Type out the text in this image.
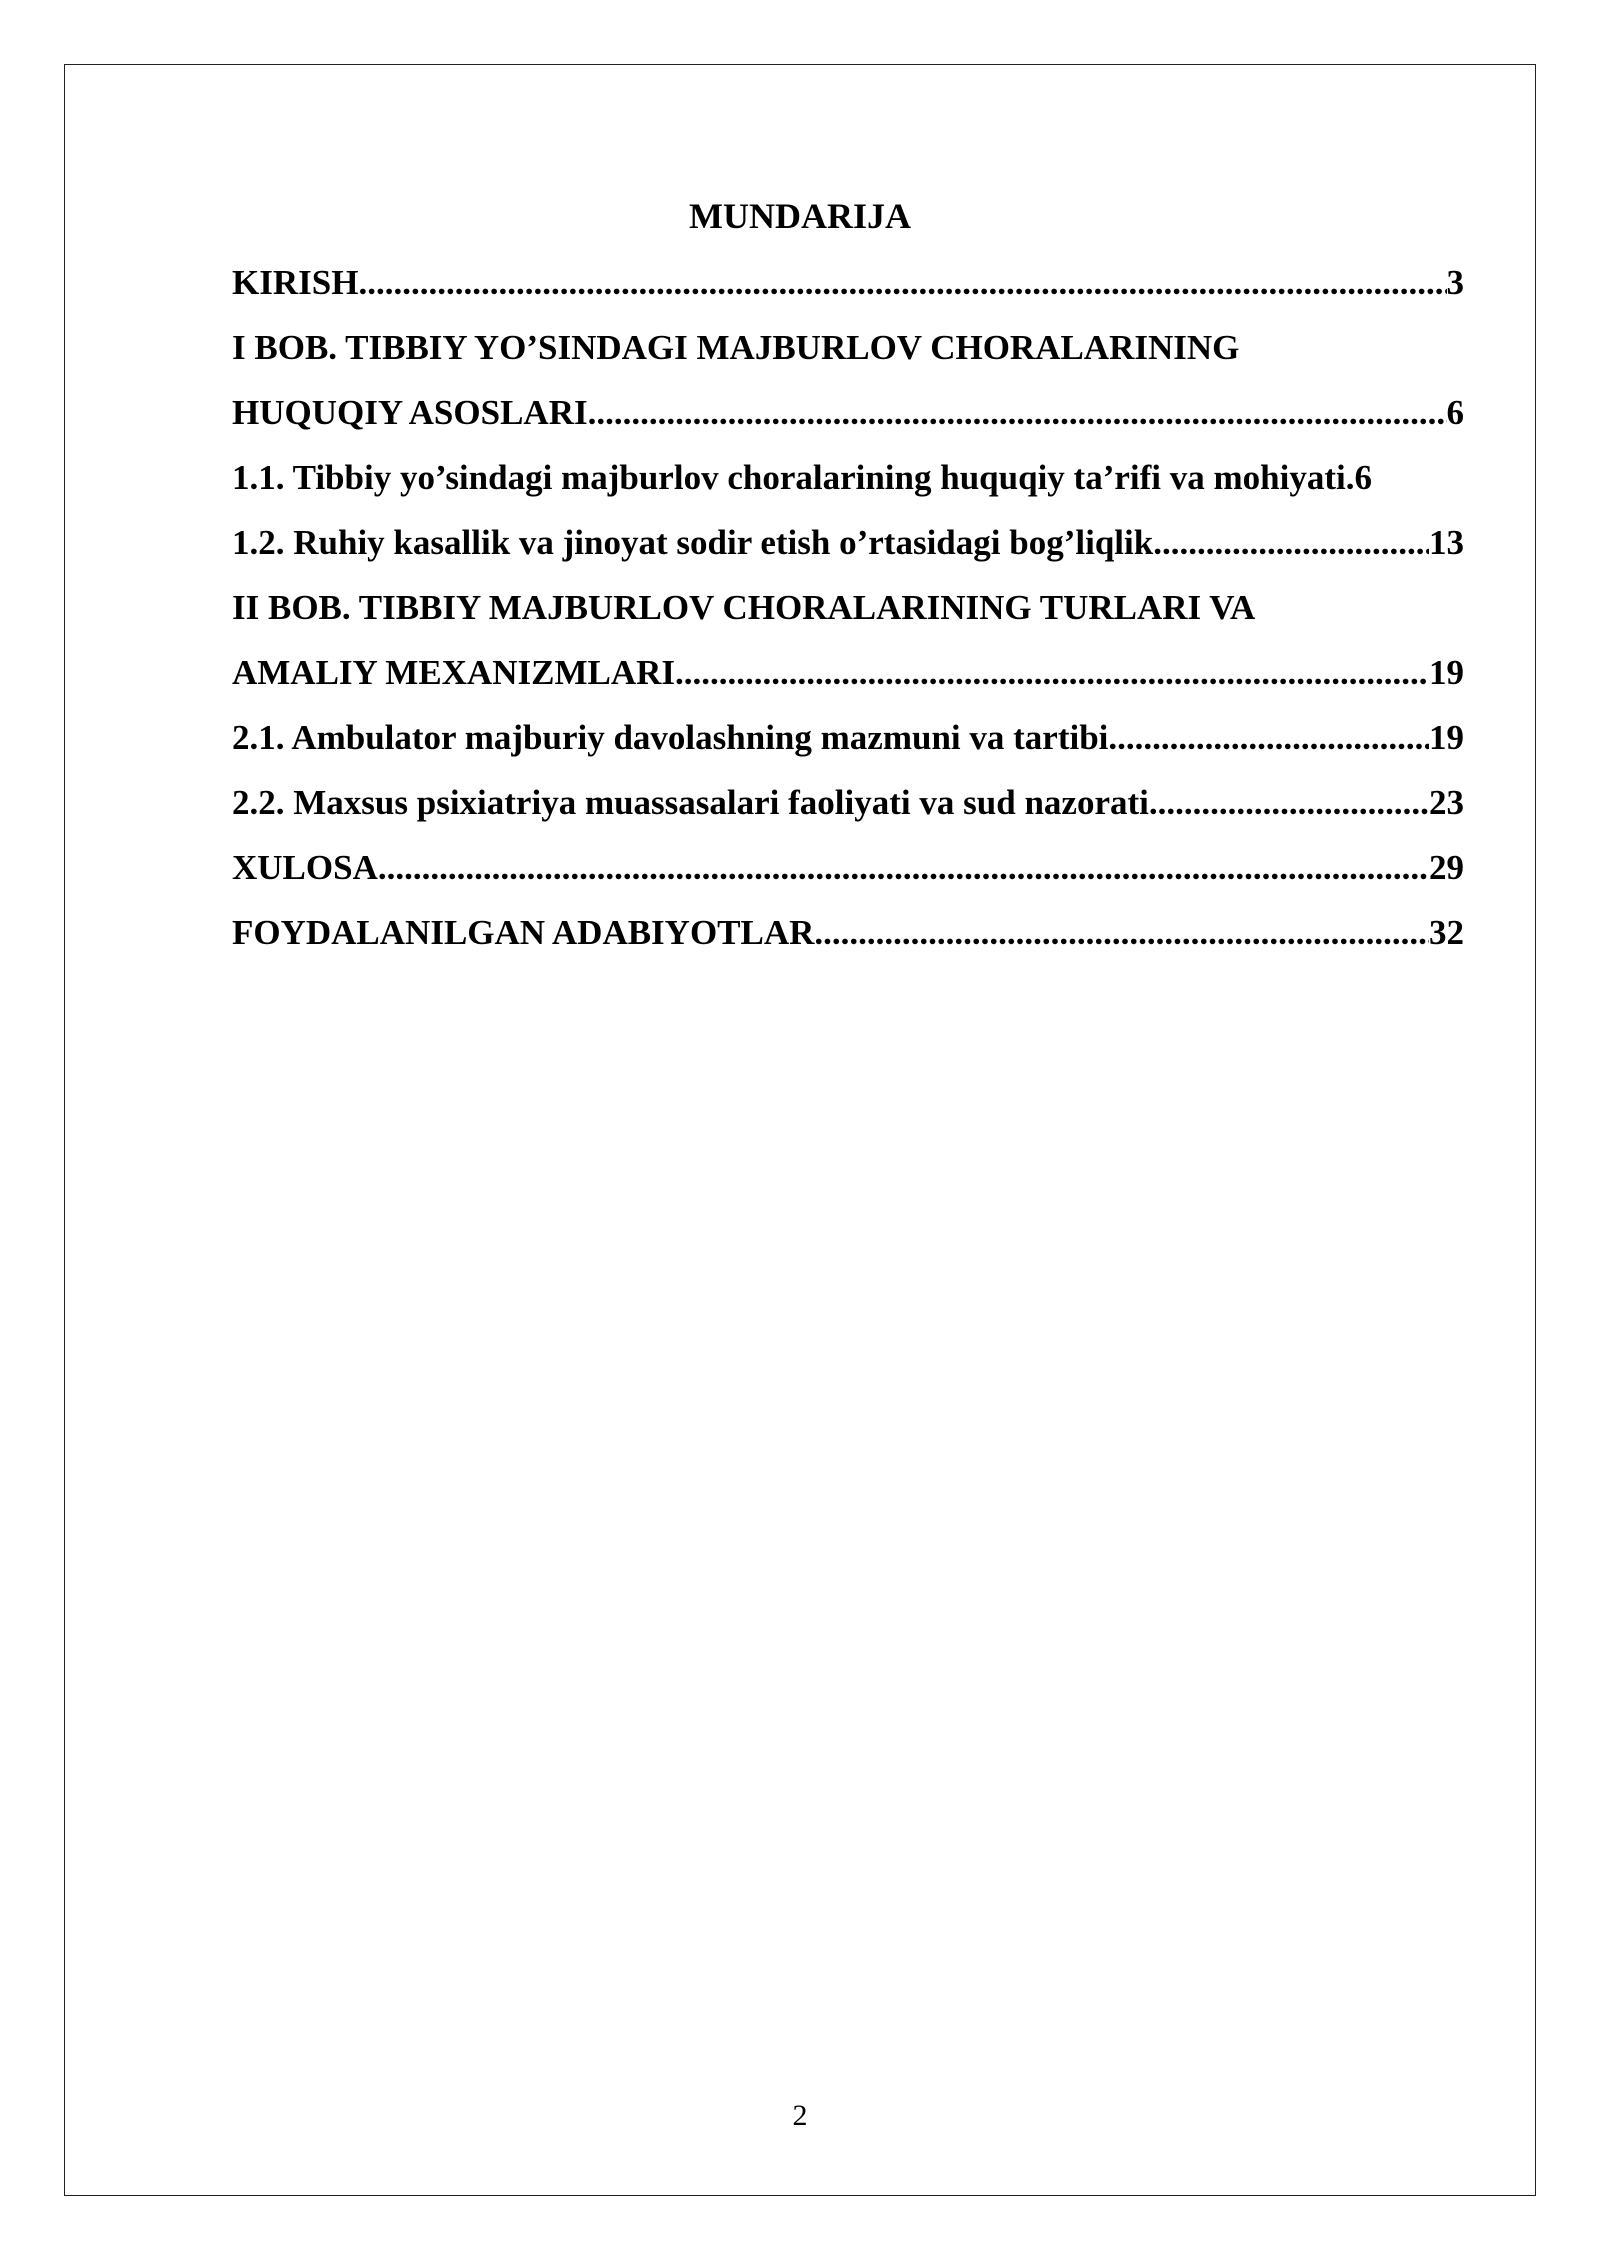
MUNDARIJA
KIRISH .....	3
I BOB. TIBBIY YO’SINDAGI MAJBURLOV CHORALARINING
HUQUQIY ASOSLARI .....	6
1.1. Tibbiy yo’sindagi majburlov choralarining huquqiy ta’rifi va mohiyati. 6
1.2. Ruhiy kasallik va jinoyat sodir etish o’rtasidagi bog’liqlik .....	13
II BOB. TIBBIY MAJBURLOV CHORALARINING TURLARI VA
AMALIY MEXANIZMLARI .....	19
2.1. Ambulator majburiy davolashning mazmuni va tartibi .....	19
2.2. Maxsus psixiatriya muassasalari faoliyati va sud nazorati .....	23
XULOSA .....	29
FOYDALANILGAN ADABIYOTLAR .....	32
2
